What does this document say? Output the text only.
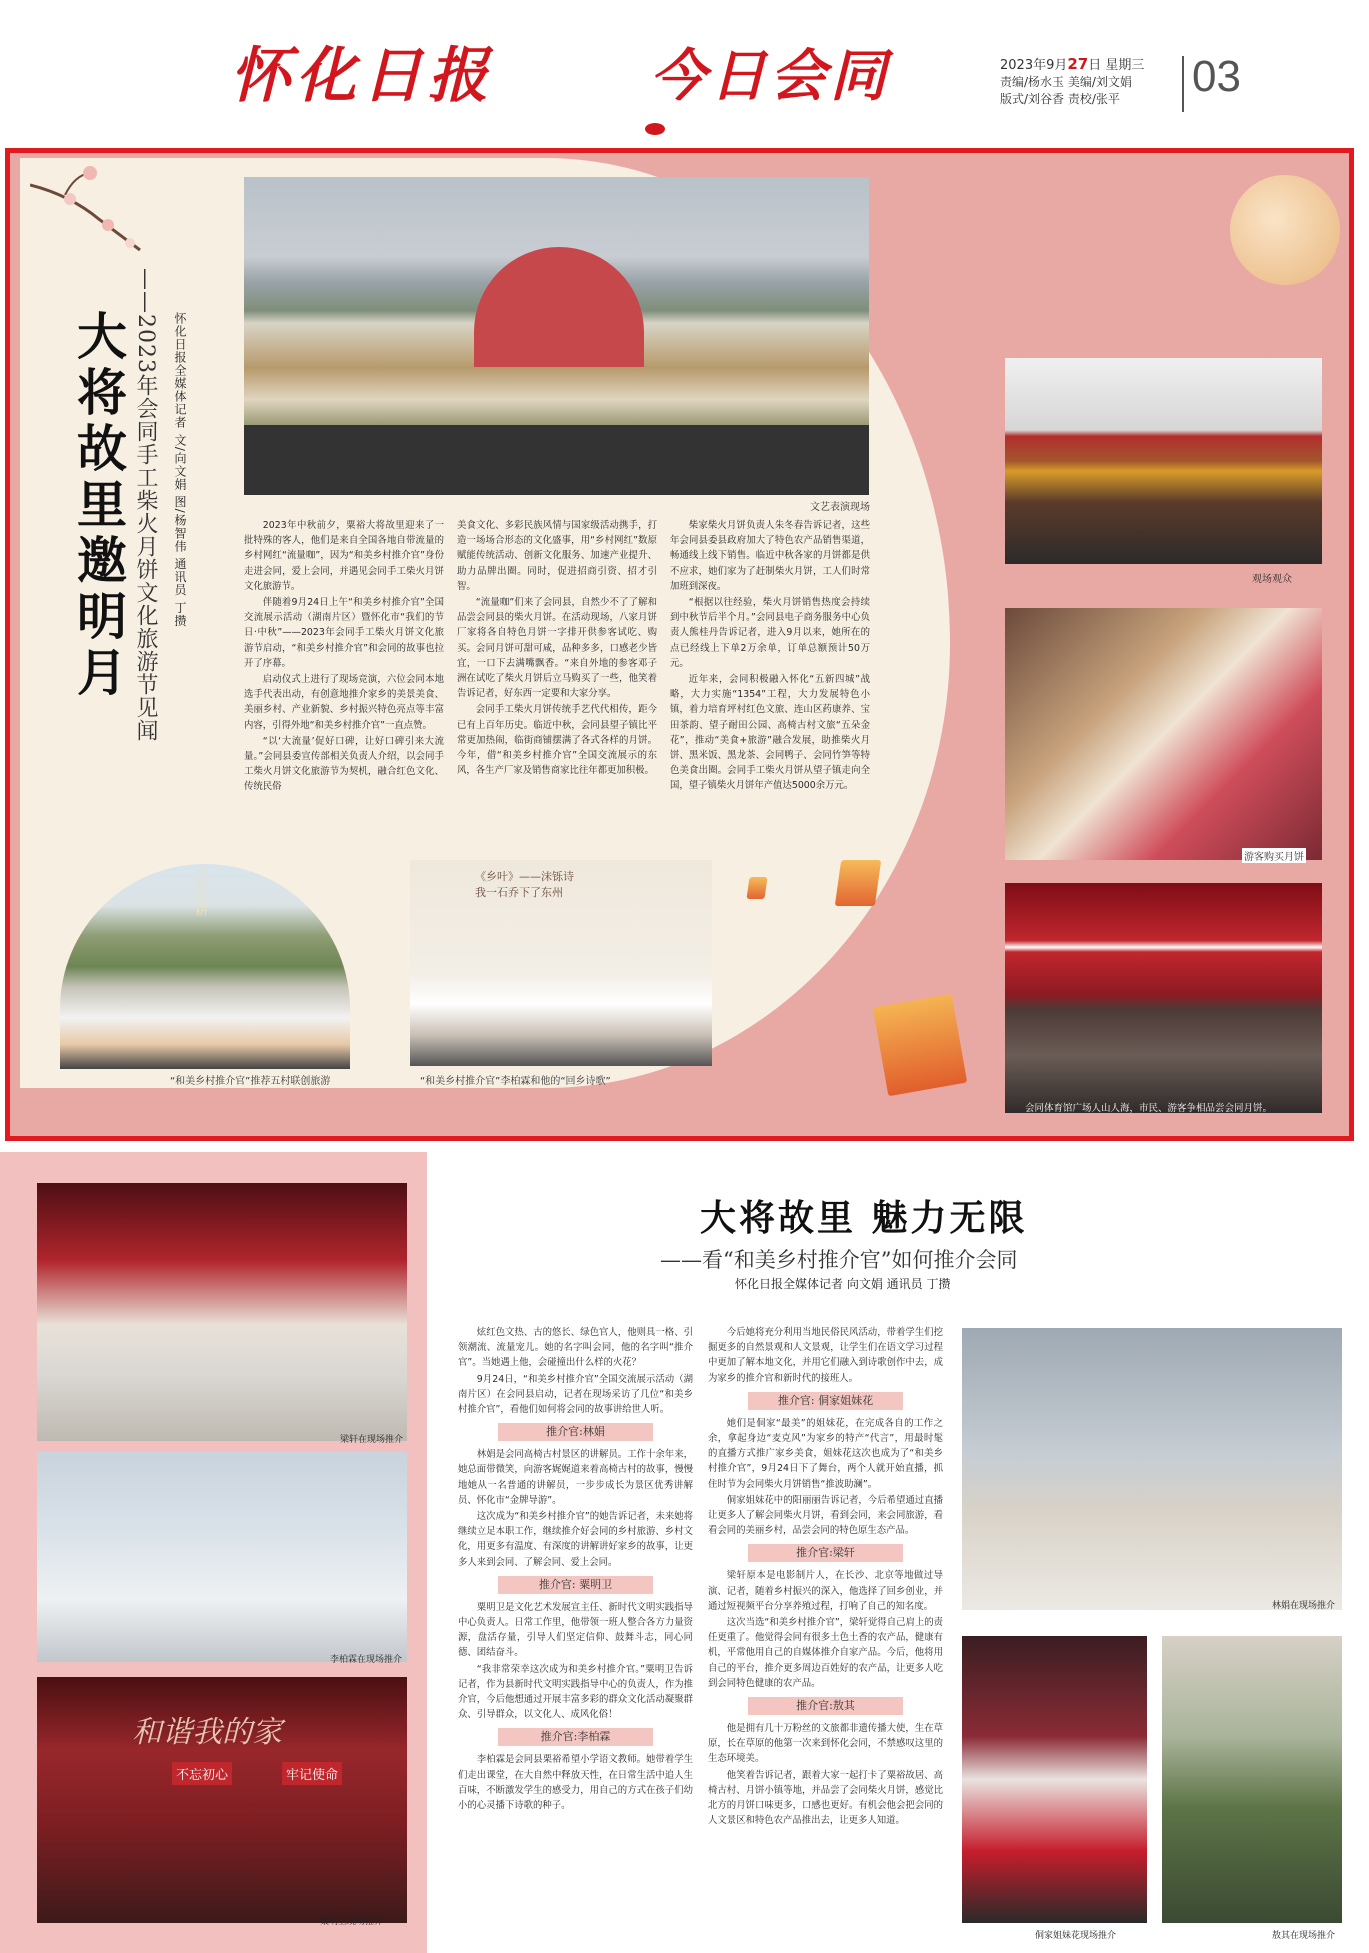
怀化日报	今日会同	2023年9月27日 星期三
责编/杨水玉 美编/刘文娟
版式/刘谷香 责校/张平	03
大将故里邀明月 ——2023年会同手工柴火月饼文化旅游节见闻 怀化日报全媒体记者 文/向文娟 图/杨智伟 通讯员 丁攒	文艺表演现场

2023年中秋前夕，粟裕大将故里迎来了一批特殊的客人，他们是来自全国各地自带流量的乡村网红“流量咖”，因为“和美乡村推介官”身份走进会同，爱上会同，并遇见会同手工柴火月饼文化旅游节。

伴随着9月24日上午“和美乡村推介官”全国交流展示活动（湖南片区）暨怀化市“我们的节日·中秋”——2023年会同手工柴火月饼文化旅游节启动，“和美乡村推介官”和会同的故事也拉开了序幕。

启动仪式上进行了现场竞演，六位会同本地选手代表出动，有创意地推介家乡的美景美食、美丽乡村、产业新貌、乡村振兴特色亮点等丰富内容，引得外地“和美乡村推介官”一直点赞。

“以‘大流量’促好口碑，让好口碑引来大流量。”会同县委宣传部相关负责人介绍，以会同手工柴火月饼文化旅游节为契机，融合红色文化、传统民俗

美食文化、多彩民族风情与国家级活动携手，打造一场场合形态的文化盛事，用“乡村网红”数原赋能传统活动、创新文化服务、加速产业提升、助力品牌出圈。同时，促进招商引资、招才引智。

“流量咖”们来了会同县，自然少不了了解和品尝会同县的柴火月饼。在活动现场，八家月饼厂家将各自特色月饼一字排开供参客试吃、购买。会同月饼可甜可咸，品种多多，口感老少皆宜，一口下去满嘴飘香。“来自外地的参客邓子洲在试吃了柴火月饼后立马购买了一些，他笑着告诉记者，好东西一定要和大家分享。

会同手工柴火月饼传统手艺代代相传，距今已有上百年历史。临近中秋，会同县望子镇比平常更加热闹，临街商铺摆满了各式各样的月饼。今年，借“和美乡村推介官”全国交流展示的东风，各生产厂家及销售商家比往年都更加积极。

柴家柴火月饼负责人朱冬春告诉记者，这些年会同县委县政府加大了特色农产品销售渠道，畅通线上线下销售。临近中秋各家的月饼都是供不应求，她们家为了赶制柴火月饼，工人们时常加班到深夜。

“根据以往经验，柴火月饼销售热度会持续到中秋节后半个月。”会同县电子商务服务中心负责人熊桂丹告诉记者，进入9月以来，她所在的点已经线上下单2万余单，订单总额预计50万元。

近年来，会同积极融入怀化“五新四城”战略，大力实施“1354”工程，大力发展特色小镇，着力培育坪村红色文旅、连山区药康养、宝田茶韵、望子耐田公园、高椅古村文旅“五朵金花”，推动“美食+旅游”融合发展，助推柴火月饼、黑米饭、黑龙茶、会同鸭子、会同竹笋等特色美食出圈。会同手工柴火月饼从望子镇走向全国，望子镇柴火月饼年产值达5000余万元。

观场观众
游客购买月饼
会同体育馆广场人山人海，市民、游客争相品尝会同月饼。
文化农耕
“和美乡村推介官”推荐五村联创旅游
《乡叶》——沫铄诗
我一石乔下了东州
“和美乡村推介官”李柏霖和他的“回乡诗歌”
梁轩在现场推介
李柏霖在现场推介
和谐我的家
不忘初心	牢记使命
粟明卫现场推介
大将故里 魅力无限
——看“和美乡村推介官”如何推介会同
怀化日报全媒体记者 向文娟 通讯员 丁攒

炫红色文热、古的悠长、绿色官人，他则具一格、引领潮流、流量宠儿。她的名字叫会同，他的名字叫“推介官”。当她遇上他，会碰撞出什么样的火花？

9月24日，“和美乡村推介官”全国交流展示活动（湖南片区）在会同县启动，记者在现场采访了几位“和美乡村推介官”，看他们如何将会同的故事讲给世人听。

推介官:林娟

林娟是会同高椅古村景区的讲解员。工作十余年来，她总面带微笑，向游客娓娓道来着高椅古村的故事，慢慢地她从一名普通的讲解员，一步步成长为景区优秀讲解员、怀化市“金牌导游”。

这次成为“和美乡村推介官”的她告诉记者，未来她将继续立足本职工作，继续推介好会同的乡村旅游、乡村文化，用更多有温度、有深度的讲解讲好家乡的故事，让更多人来到会同、了解会同、爱上会同。

推介官: 粟明卫

粟明卫是文化艺术发展宣主任、新时代文明实践指导中心负责人。日常工作里，他带领一班人整合各方力量资源，盘活存量，引导人们坚定信仰、鼓舞斗志，同心同德、团结奋斗。

“我非常荣幸这次成为和美乡村推介官。”粟明卫告诉记者，作为县新时代文明实践指导中心的负责人，作为推介官，今后他想通过开展丰富多彩的群众文化活动凝聚群众、引导群众，以文化人、成风化俗！

推介官:李柏霖

李柏霖是会同县栗裕希望小学语文教师。她带着学生们走出课堂，在大自然中释放天性，在日常生活中追人生百味，不断激发学生的感受力，用自己的方式在孩子们幼小的心灵播下诗歌的种子。

今后她将充分利用当地民俗民风活动，带着学生们挖掘更多的自然景观和人文景观，让学生们在语文学习过程中更加了解本地文化，并用它们融入到诗歌创作中去，成为家乡的推介官和新时代的接班人。

推介官: 侗家姐妹花

她们是侗家“最美”的姐妹花，在完成各自的工作之余，拿起身边“麦克风”为家乡的特产“代言”，用最时髦的直播方式推广家乡美食，姐妹花这次也成为了“和美乡村推介官”，9月24日下了舞台，两个人就开始直播，抓住时节为会同柴火月饼销售“推波助澜”。

侗家姐妹花中的阳丽丽告诉记者，今后希望通过直播让更多人了解会同柴火月饼，看到会同，来会同旅游，看看会同的美丽乡村，品尝会同的特色原生态产品。

推介官:梁轩

梁轩原本是电影制片人，在长沙、北京等地做过导演、记者，随着乡村振兴的深入，他选择了回乡创业，并通过短视频平台分享养殖过程，打响了自己的知名度。

这次当选“和美乡村推介官”，梁轩觉得自己肩上的责任更重了。他觉得会同有很多土色土香的农产品，健康有机，平常他用自己的自媒体推介自家产品。今后，他将用自己的平台，推介更多周边百姓好的农产品，让更多人吃到会同特色健康的农产品。

推介官:敖其

他是拥有几十万粉丝的文旅都非遗传播大使，生在草原，长在草原的他第一次来到怀化会同，不禁感叹这里的生态环境美。

他笑着告诉记者，跟着大家一起打卡了粟裕故居、高椅古村、月饼小镇等地，并品尝了会同柴火月饼，感觉比北方的月饼口味更多，口感也更好。有机会他会把会同的人文景区和特色农产品推出去，让更多人知道。

林娟在现场推介
侗家姐妹花现场推介	敖其在现场推介
